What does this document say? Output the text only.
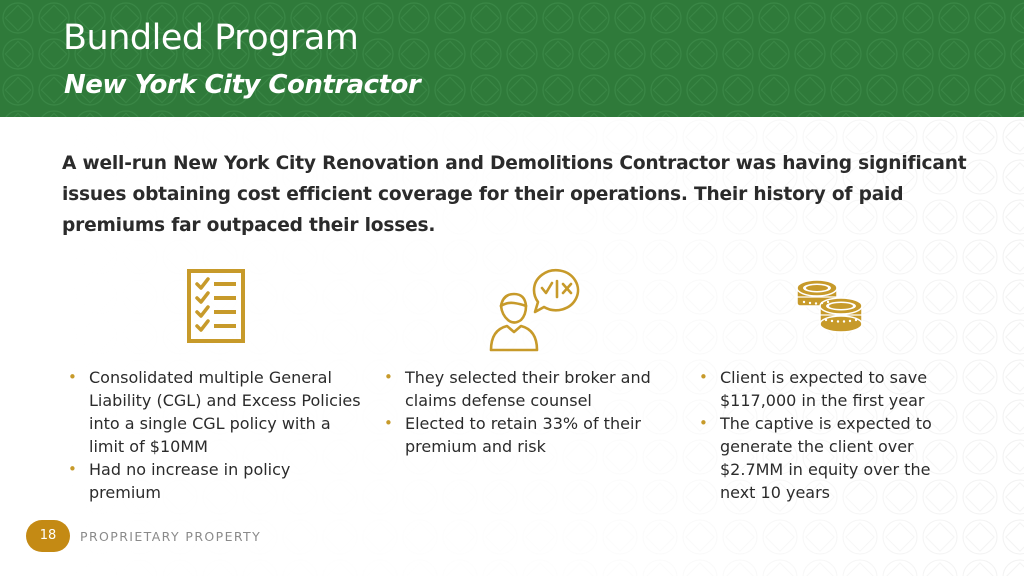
Bundled Program
New York City Contractor
A well-run New York City Renovation and Demolitions Contractor was having significant issues obtaining cost efficient coverage for their operations. Their history of paid premiums far outpaced their losses.
• Consolidated multiple General Liability (CGL) and Excess Policies into a single CGL policy with a limit of $10MM
• Had no increase in policy premium
• They selected their broker and claims defense counsel
• Elected to retain 33% of their premium and risk
• Client is expected to save $117,000 in the first year
• The captive is expected to generate the client over $2.7MM in equity over the next 10 years
18	PROPRIETARY PROPERTY
